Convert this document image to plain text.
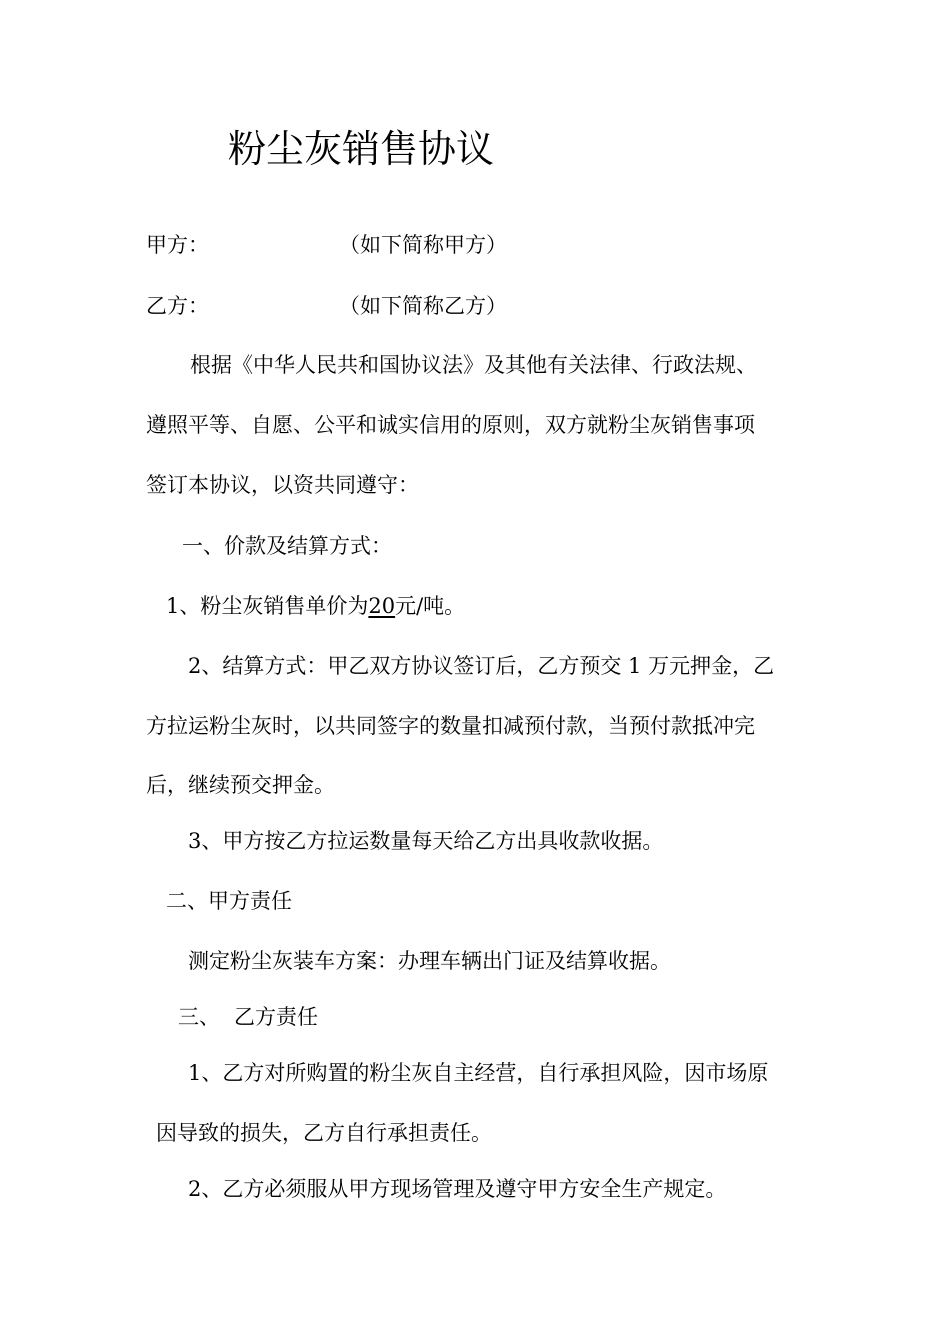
粉尘灰销售协议
甲方：	（如下简称甲方）
乙方：	（如下简称乙方）
根据《中华人民共和国协议法》及其他有关法律、行政法规、
遵照平等、自愿、公平和诚实信用的原则，双方就粉尘灰销售事项
签订本协议，以资共同遵守：
一、价款及结算方式：
1、粉尘灰销售单价为20元/吨。
2、结算方式：甲乙双方协议签订后，乙方预交 1 万元押金，乙
方拉运粉尘灰时，以共同签字的数量扣减预付款，当预付款抵冲完
后，继续预交押金。
3、甲方按乙方拉运数量每天给乙方出具收款收据。
二、甲方责任
测定粉尘灰装车方案：办理车辆出门证及结算收据。
三、 乙方责任
1、乙方对所购置的粉尘灰自主经营，自行承担风险，因市场原
因导致的损失，乙方自行承担责任。
2、乙方必须服从甲方现场管理及遵守甲方安全生产规定。
